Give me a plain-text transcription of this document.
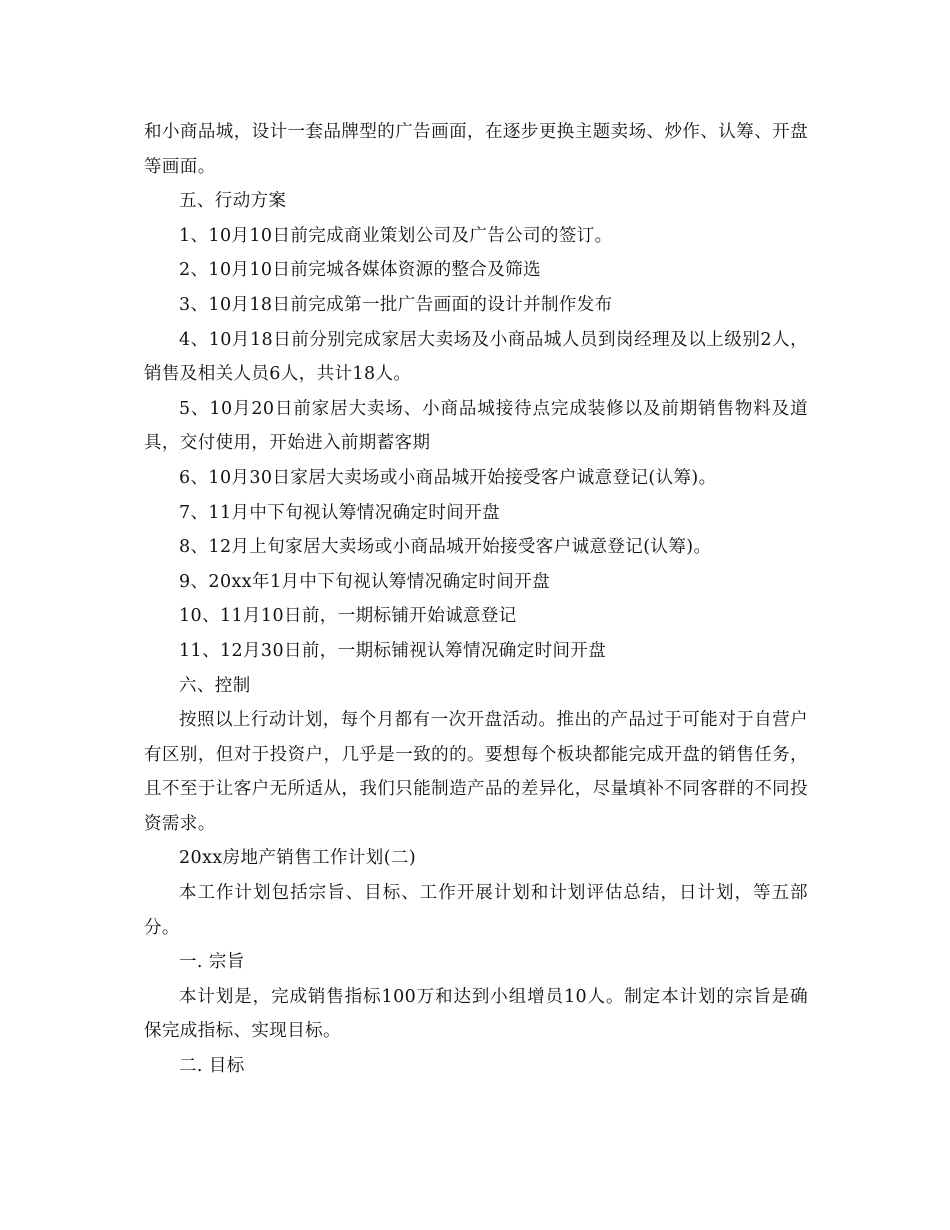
和小商品城，设计一套品牌型的广告画面，在逐步更换主题卖场、炒作、认筹、开盘等画面。

五、行动方案

1、10月10日前完成商业策划公司及广告公司的签订。

2、10月10日前完城各媒体资源的整合及筛选

3、10月18日前完成第一批广告画面的设计并制作发布

4、10月18日前分别完成家居大卖场及小商品城人员到岗经理及以上级别2人，销售及相关人员6人，共计18人。

5、10月20日前家居大卖场、小商品城接待点完成装修以及前期销售物料及道具，交付使用，开始进入前期蓄客期

6、10月30日家居大卖场或小商品城开始接受客户诚意登记(认筹)。

7、11月中下旬视认筹情况确定时间开盘

8、12月上旬家居大卖场或小商品城开始接受客户诚意登记(认筹)。

9、20xx年1月中下旬视认筹情况确定时间开盘

10、11月10日前，一期标铺开始诚意登记

11、12月30日前，一期标铺视认筹情况确定时间开盘

六、控制

按照以上行动计划，每个月都有一次开盘活动。推出的产品过于可能对于自营户有区别，但对于投资户，几乎是一致的的。要想每个板块都能完成开盘的销售任务，且不至于让客户无所适从，我们只能制造产品的差异化，尽量填补不同客群的不同投资需求。

20xx房地产销售工作计划(二)

本工作计划包括宗旨、目标、工作开展计划和计划评估总结，日计划，等五部分。

一. 宗旨

本计划是，完成销售指标100万和达到小组增员10人。制定本计划的宗旨是确保完成指标、实现目标。

二. 目标
